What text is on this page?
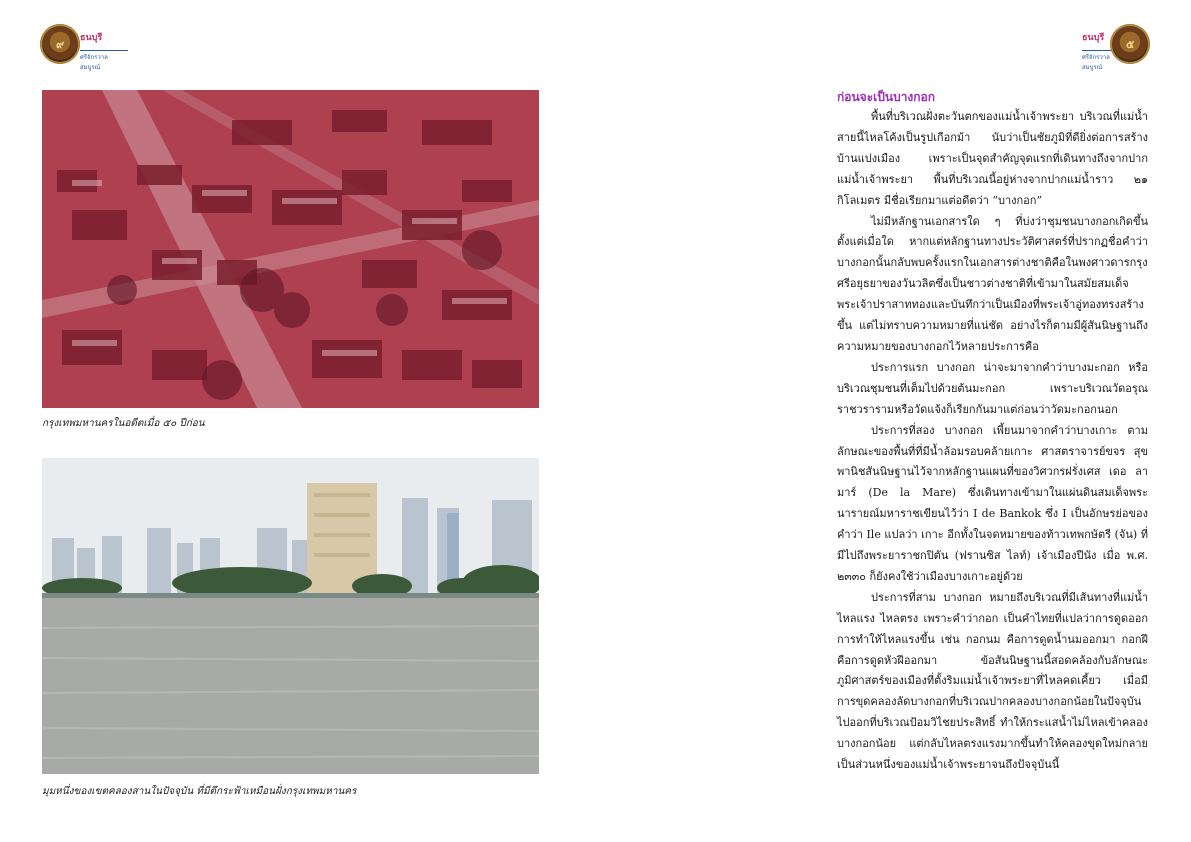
๙ ธนบุรี
ศรีจักรวาลสมบูรณ์
ธนบุรี
ศรีจักรวาลสมบูรณ์
๕
กรุงเทพมหานครในอดีตเมื่อ ๕๐ ปีก่อน
มุมหนึ่งของเขตคลองสานในปัจจุบัน ที่มีตึกระฟ้าเหมือนฝั่งกรุงเทพมหานคร
ก่อนจะเป็นบางกอก

พื้นที่บริเวณฝั่งตะวันตกของแม่น้ำเจ้าพระยา บริเวณที่แม่น้ำสายนี้ไหลโค้งเป็นรูปเกือกม้า นับว่าเป็นชัยภูมิที่ดียิ่งต่อการสร้างบ้านแปงเมือง เพราะเป็นจุดสำคัญจุดแรกที่เดินทางถึงจากปากแม่น้ำเจ้าพระยา พื้นที่บริเวณนี้อยู่ห่างจากปากแม่น้ำราว ๒๑ กิโลเมตร มีชื่อเรียกมาแต่อดีตว่า “บางกอก”

ไม่มีหลักฐานเอกสารใด ๆ ที่บ่งว่าชุมชนบางกอกเกิดขึ้นตั้งแต่เมื่อใด หากแต่หลักฐานทางประวัติศาสตร์ที่ปรากฏชื่อคำว่าบางกอกนั้นกลับพบครั้งแรกในเอกสารต่างชาติคือในพงศาวดารกรุงศรีอยุธยาของวันวลิตซึ่งเป็นชาวต่างชาติที่เข้ามาในสมัยสมเด็จพระเจ้าปราสาททองและบันทึกว่าเป็นเมืองที่พระเจ้าอู่ทองทรงสร้างขึ้น แต่ไม่ทราบความหมายที่แน่ชัด อย่างไรก็ตามมีผู้สันนิษฐานถึงความหมายของบางกอกไว้หลายประการคือ

ประการแรก บางกอก น่าจะมาจากคำว่าบางมะกอก หรือบริเวณชุมชนที่เต็มไปด้วยต้นมะกอก เพราะบริเวณวัดอรุณราชวรารามหรือวัดแจ้งก็เรียกกันมาแต่ก่อนว่าวัดมะกอกนอก

ประการที่สอง บางกอก เพี้ยนมาจากคำว่าบางเกาะ ตามลักษณะของพื้นที่ที่มีน้ำล้อมรอบคล้ายเกาะ ศาสตราจารย์ขจร สุขพานิชสันนิษฐานไว้จากหลักฐานแผนที่ของวิศวกรฝรั่งเศส เดอ ลา มาร์ (De la Mare) ซึ่งเดินทางเข้ามาในแผ่นดินสมเด็จพระนารายณ์มหาราชเขียนไว้ว่า I de Bankok ซึ่ง I เป็นอักษรย่อของคำว่า Ile แปลว่า เกาะ อีกทั้งในจดหมายของท้าวเทพกษัตรี (จัน) ที่มีไปถึงพระยาราชกปิตัน (ฟรานซิส ไลท์) เจ้าเมืองปีนัง เมื่อ พ.ศ. ๒๓๓๐ ก็ยังคงใช้ว่าเมืองบางเกาะอยู่ด้วย

ประการที่สาม บางกอก หมายถึงบริเวณที่มีเส้นทางที่แม่น้ำไหลแรง ไหลตรง เพราะคำว่ากอก เป็นคำไทยที่แปลว่าการดูดออกการทำให้ไหลแรงขึ้น เช่น กอกนม คือการดูดน้ำนมออกมา กอกฝี คือการดูดหัวฝีออกมา ข้อสันนิษฐานนี้สอดคล้องกับลักษณะภูมิศาสตร์ของเมืองที่ตั้งริมแม่น้ำเจ้าพระยาที่ไหลคดเคี้ยว เมื่อมีการขุดคลองลัดบางกอกที่บริเวณปากคลองบางกอกน้อยในปัจจุบันไปออกที่บริเวณป้อมวิไชยประสิทธิ์ ทำให้กระแสน้ำไม่ไหลเข้าคลองบางกอกน้อย แต่กลับไหลตรงแรงมากขึ้นทำให้คลองขุดใหม่กลายเป็นส่วนหนึ่งของแม่น้ำเจ้าพระยาจนถึงปัจจุบันนี้
